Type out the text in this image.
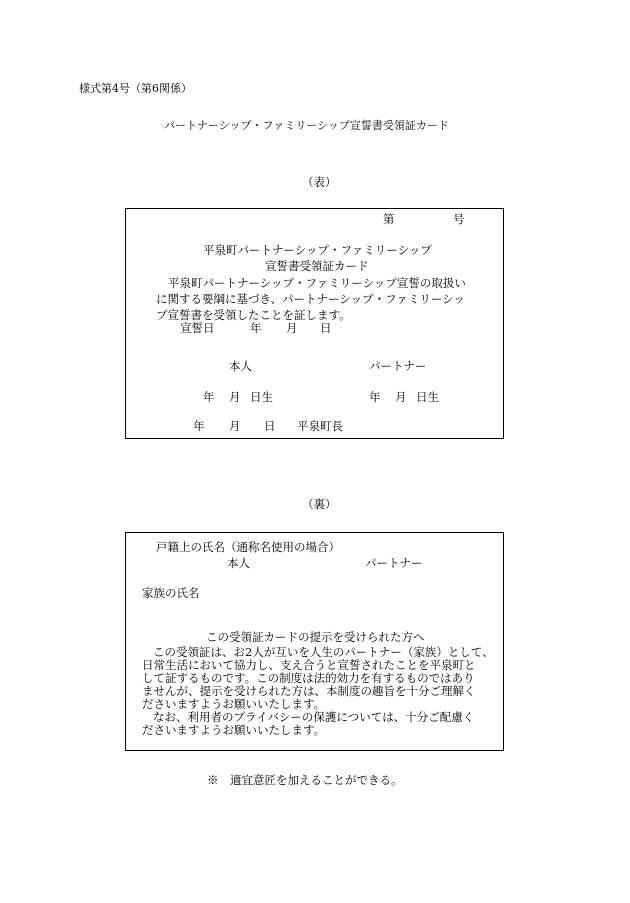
様式第4号（第6関係）
パートナーシップ・ファミリーシップ宣誓書受領証カード
（表）
第	号
平泉町パートナーシップ・ファミリーシップ
宣誓書受領証カード
平泉町パートナーシップ・ファミリーシップ宣誓の取扱い
に関する要綱に基づき、パートナーシップ・ファミリーシッ
プ宣誓書を受領したことを証します。
宣誓日	年 月 日
本人	パートナー
年 月 日生	年 月 日生
年 月 日 平泉町長
（裏）
戸籍上の氏名（通称名使用の場合）
本人	パートナー
家族の氏名
この受領証カードの提示を受けられた方へ
この受領証は、お2人が互いを人生のパートナー（家族）として、
日常生活において協力し、支え合うと宣誓されたことを平泉町と
して証するものです。この制度は法的効力を有するものではあり
ませんが、提示を受けられた方は、本制度の趣旨を十分ご理解く
ださいますようお願いいたします。
なお、利用者のプライバシーの保護については、十分ご配慮く
ださいますようお願いいたします。
※　適宜意匠を加えることができる。
